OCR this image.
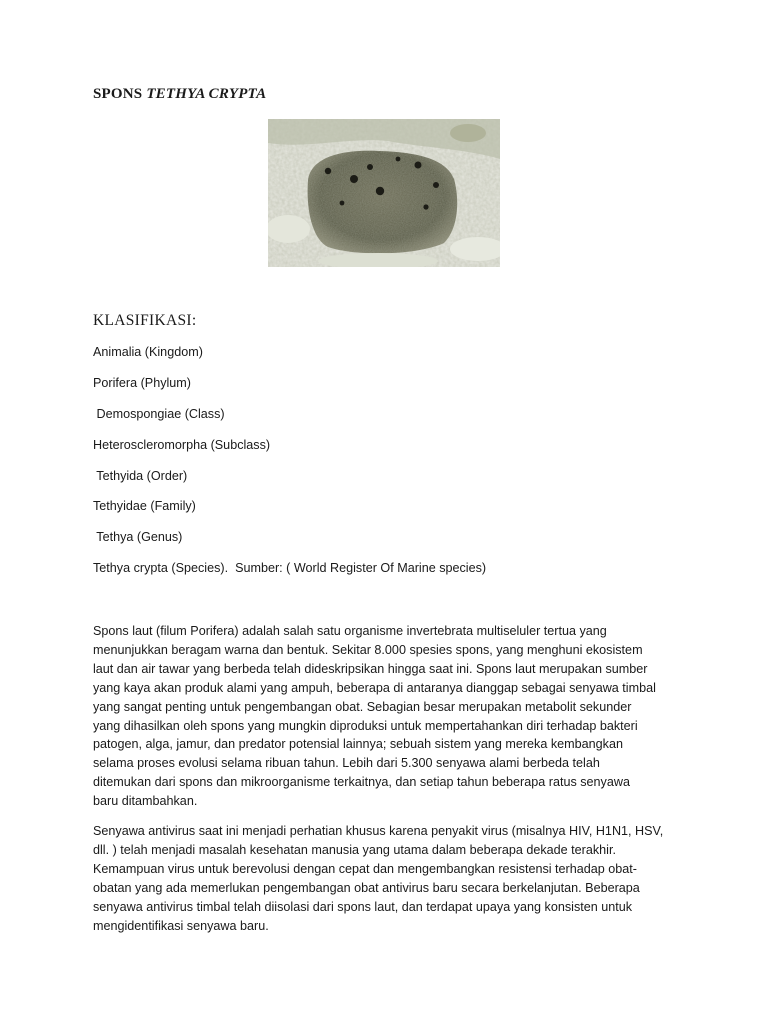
SPONS TETHYA CRYPTA
KLASIFIKASI:
Animalia (Kingdom)
Porifera (Phylum)
Demospongiae (Class)
Heteroscleromorpha (Subclass)
Tethyida (Order)
Tethyidae (Family)
Tethya (Genus)
Tethya crypta (Species).  Sumber: ( World Register Of Marine species)
Spons laut (filum Porifera) adalah salah satu organisme invertebrata multiseluler tertua yang
menunjukkan beragam warna dan bentuk. Sekitar 8.000 spesies spons, yang menghuni ekosistem
laut dan air tawar yang berbeda telah dideskripsikan hingga saat ini. Spons laut merupakan sumber
yang kaya akan produk alami yang ampuh, beberapa di antaranya dianggap sebagai senyawa timbal
yang sangat penting untuk pengembangan obat. Sebagian besar merupakan metabolit sekunder
yang dihasilkan oleh spons yang mungkin diproduksi untuk mempertahankan diri terhadap bakteri
patogen, alga, jamur, dan predator potensial lainnya; sebuah sistem yang mereka kembangkan
selama proses evolusi selama ribuan tahun. Lebih dari 5.300 senyawa alami berbeda telah
ditemukan dari spons dan mikroorganisme terkaitnya, dan setiap tahun beberapa ratus senyawa
baru ditambahkan.
Senyawa antivirus saat ini menjadi perhatian khusus karena penyakit virus (misalnya HIV, H1N1, HSV,
dll. ) telah menjadi masalah kesehatan manusia yang utama dalam beberapa dekade terakhir.
Kemampuan virus untuk berevolusi dengan cepat dan mengembangkan resistensi terhadap obat-
obatan yang ada memerlukan pengembangan obat antivirus baru secara berkelanjutan. Beberapa
senyawa antivirus timbal telah diisolasi dari spons laut, dan terdapat upaya yang konsisten untuk
mengidentifikasi senyawa baru.
